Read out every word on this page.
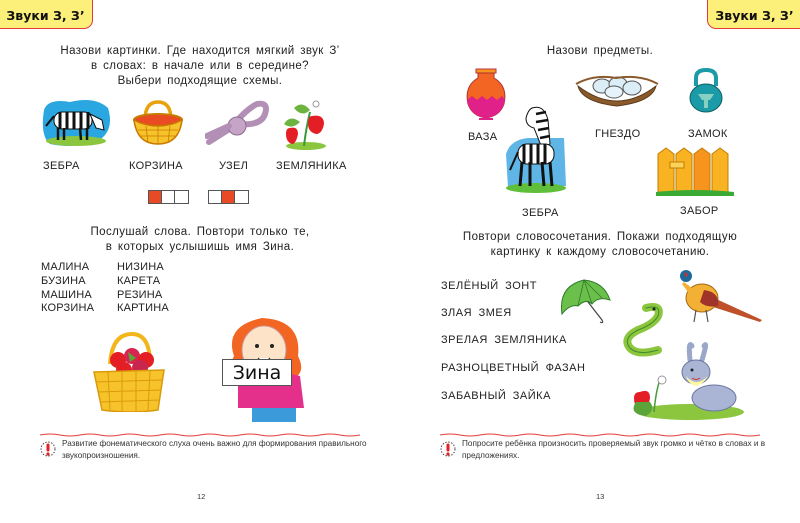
Звуки З, З’
Назови картинки. Где находится мягкий звук З’
в словах: в начале или в середине?
Выбери подходящие схемы.
ЗЕБРА	КОРЗИНА	УЗЕЛ	ЗЕМЛЯНИКА
Послушай слова. Повтори только те,
в которых услышишь имя Зина.
МАЛИНА
БУЗИНА
МАШИНА
КОРЗИНА
НИЗИНА
КАРЕТА
РЕЗИНА
КАРТИНА
Зина
Развитие фонематического слуха очень важно для формирования правильного звукопроизношения.
12
Звуки З, З’
Назови предметы.
ВАЗА	ГНЕЗДО	ЗАМОК
ЗЕБРА	ЗАБОР
Повтори словосочетания. Покажи подходящую
картинку к каждому словосочетанию.
ЗЕЛЁНЫЙ ЗОНТ
ЗЛАЯ ЗМЕЯ
ЗРЕЛАЯ ЗЕМЛЯНИКА
РАЗНОЦВЕТНЫЙ ФАЗАН
ЗАБАВНЫЙ ЗАЙКА
Попросите ребёнка произносить проверяемый звук громко и чётко в словах и в предложениях.
13
